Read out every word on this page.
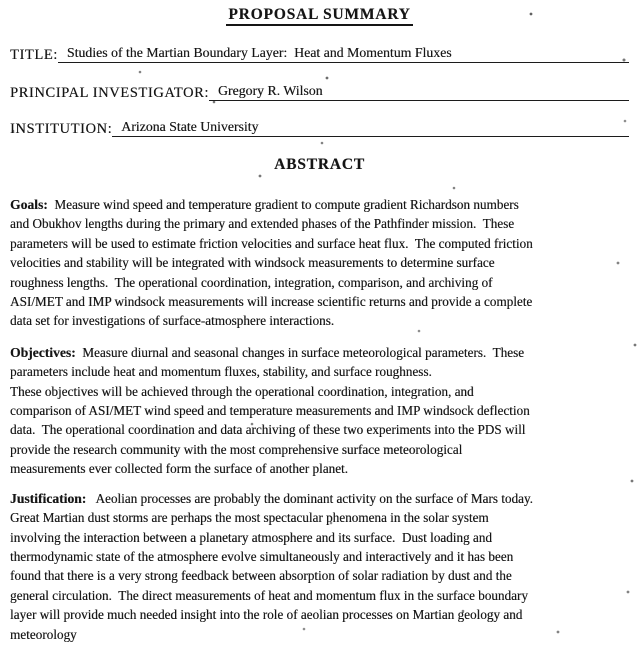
PROPOSAL SUMMARY
TITLE: Studies of the Martian Boundary Layer:  Heat and Momentum Fluxes
PRINCIPAL INVESTIGATOR: Gregory R. Wilson
INSTITUTION: Arizona State University
ABSTRACT
Goals:  Measure wind speed and temperature gradient to compute gradient Richardson numbers
and Obukhov lengths during the primary and extended phases of the Pathfinder mission.  These
parameters will be used to estimate friction velocities and surface heat flux.  The computed friction
velocities and stability will be integrated with windsock measurements to determine surface
roughness lengths.  The operational coordination, integration, comparison, and archiving of
ASI/MET and IMP windsock measurements will increase scientific returns and provide a complete
data set for investigations of surface-atmosphere interactions.
Objectives:  Measure diurnal and seasonal changes in surface meteorological parameters.  These
parameters include heat and momentum fluxes, stability, and surface roughness.
These objectives will be achieved through the operational coordination, integration, and
comparison of ASI/MET wind speed and temperature measurements and IMP windsock deflection
data.  The operational coordination and data archiving of these two experiments into the PDS will
provide the research community with the most comprehensive surface meteorological
measurements ever collected form the surface of another planet.
Justification:   Aeolian processes are probably the dominant activity on the surface of Mars today.
Great Martian dust storms are perhaps the most spectacular phenomena in the solar system
involving the interaction between a planetary atmosphere and its surface.  Dust loading and
thermodynamic state of the atmosphere evolve simultaneously and interactively and it has been
found that there is a very strong feedback between absorption of solar radiation by dust and the
general circulation.  The direct measurements of heat and momentum flux in the surface boundary
layer will provide much needed insight into the role of aeolian processes on Martian geology and
meteorology
